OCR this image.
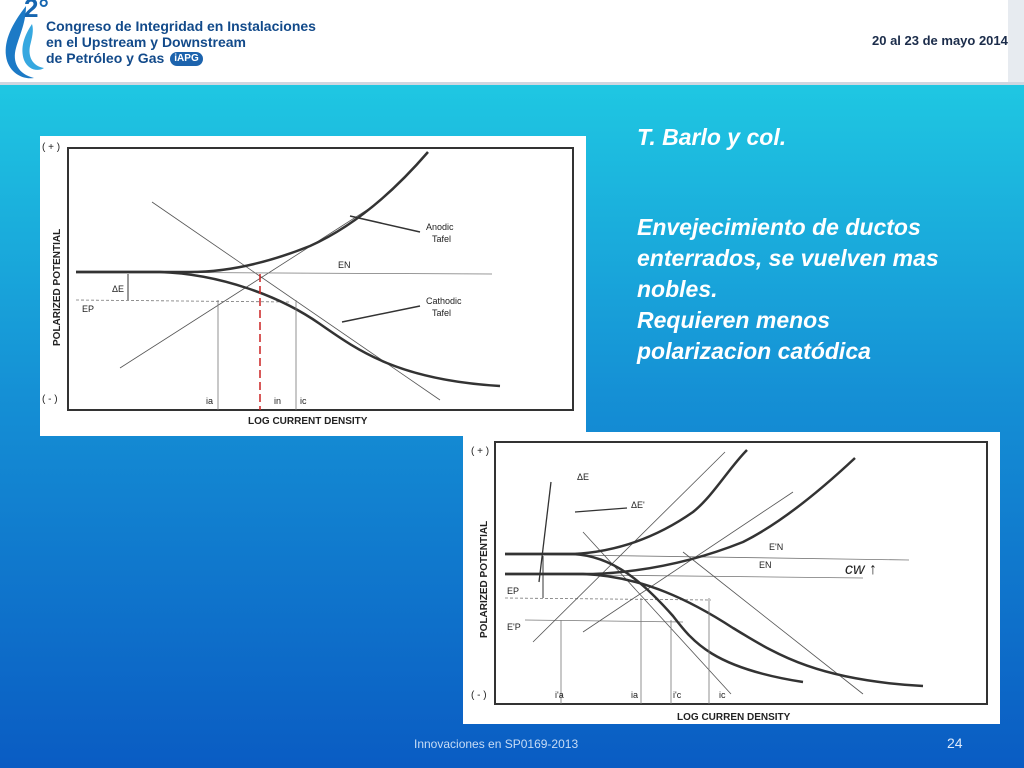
2°
Congreso de Integridad en Instalaciones
en el Upstream y Downstream
de Petróleo y Gas iAPG
20 al 23 de mayo 2014
T. Barlo y col.
Envejecimiento de ductos
enterrados, se vuelven mas
nobles.
Requieren menos
polarizacion catódica
( + )
( - )
POLARIZED POTENTIAL
LOG CURRENT DENSITY
ΔE
EP
EN
Anodic
Tafel
Cathodic
Tafel
ia	in ic
( + )
( - )
POLARIZED POTENTIAL
LOG CURREN DENSITY
ΔE
ΔE'
E'N
EN
EP
E'P
cw ↑
i'a	ia	i'c	ic
Innovaciones en SP0169-2013	24
